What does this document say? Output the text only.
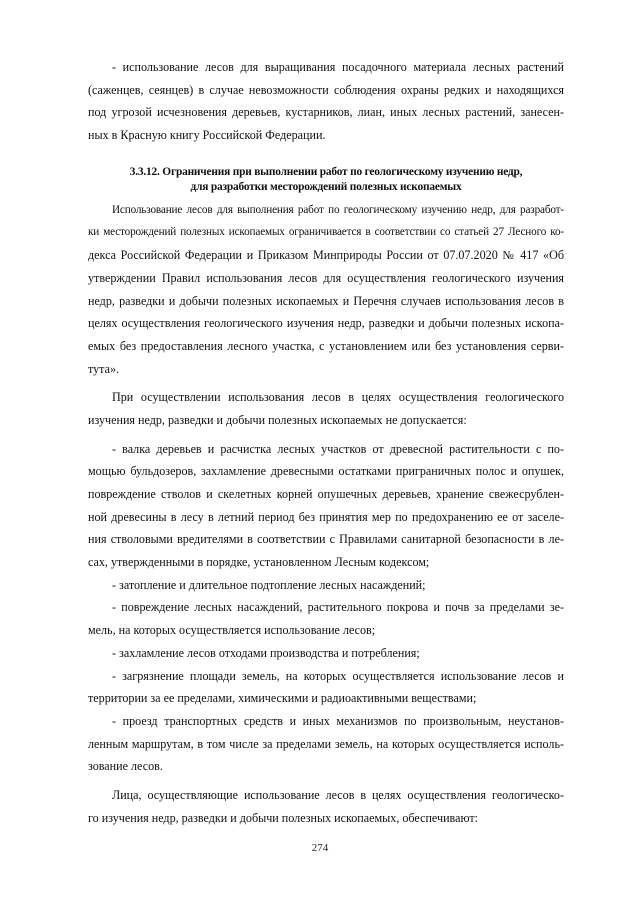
- использование лесов для выращивания посадочного материала лесных растений
(саженцев, сеянцев) в случае невозможности соблюдения охраны редких и находящихся
под угрозой исчезновения деревьев, кустарников, лиан, иных лесных растений, занесен-
ных в Красную книгу Российской Федерации.
3.3.12. Ограничения при выполнении работ по геологическому изучению недр,
для разработки месторождений полезных ископаемых
Использование лесов для выполнения работ по геологическому изучению недр, для разработ-
ки месторождений полезных ископаемых ограничивается в соответствии со статьей 27 Лесного ко-
декса Российской Федерации и Приказом Минприроды России от 07.07.2020 № 417 «Об
утверждении Правил использования лесов для осуществления геологического изучения
недр, разведки и добычи полезных ископаемых и Перечня случаев использования лесов в
целях осуществления геологического изучения недр, разведки и добычи полезных ископа-
емых без предоставления лесного участка, с установлением или без установления серви-
тута».
При осуществлении использования лесов в целях осуществления геологического
изучения недр, разведки и добычи полезных ископаемых не допускается:
- валка деревьев и расчистка лесных участков от древесной растительности с по-
мощью бульдозеров, захламление древесными остатками приграничных полос и опушек,
повреждение стволов и скелетных корней опушечных деревьев, хранение свежесрублен-
ной древесины в лесу в летний период без принятия мер по предохранению ее от заселе-
ния стволовыми вредителями в соответствии с Правилами санитарной безопасности в ле-
сах, утвержденными в порядке, установленном Лесным кодексом;
- затопление и длительное подтопление лесных насаждений;
- повреждение лесных насаждений, растительного покрова и почв за пределами зе-
мель, на которых осуществляется использование лесов;
- захламление лесов отходами производства и потребления;
- загрязнение площади земель, на которых осуществляется использование лесов и
территории за ее пределами, химическими и радиоактивными веществами;
- проезд транспортных средств и иных механизмов по произвольным, неустанов-
ленным маршрутам, в том числе за пределами земель, на которых осуществляется исполь-
зование лесов.
Лица, осуществляющие использование лесов в целях осуществления геологическо-
го изучения недр, разведки и добычи полезных ископаемых, обеспечивают:
274
